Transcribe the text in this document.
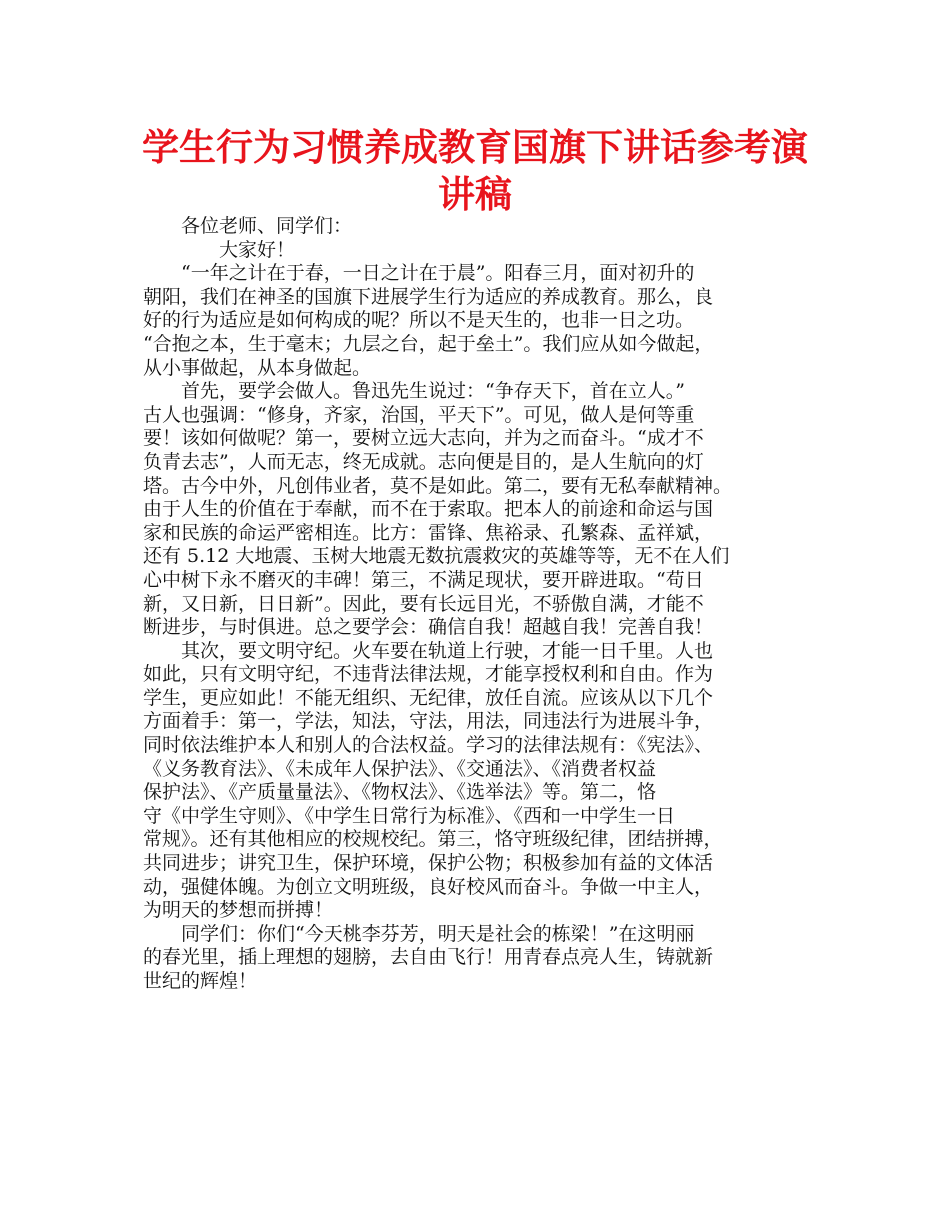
学生行为习惯养成教育国旗下讲话参考演
讲稿
　　各位老师、同学们：
　　　　大家好！
　　“一年之计在于春，一日之计在于晨”。阳春三月，面对初升的
朝阳，我们在神圣的国旗下进展学生行为适应的养成教育。那么，良
好的行为适应是如何构成的呢？所以不是天生的，也非一日之功。
“合抱之本，生于毫末；九层之台，起于垒土”。我们应从如今做起，
从小事做起，从本身做起。
　　首先，要学会做人。鲁迅先生说过：“争存天下，首在立人。”
古人也强调：“修身，齐家，治国，平天下”。可见，做人是何等重
要！该如何做呢？第一，要树立远大志向，并为之而奋斗。“成才不
负青去志”，人而无志，终无成就。志向便是目的，是人生航向的灯
塔。古今中外，凡创伟业者，莫不是如此。第二，要有无私奉献精神。
由于人生的价值在于奉献，而不在于索取。把本人的前途和命运与国
家和民族的命运严密相连。比方：雷锋、焦裕录、孔繁森、孟祥斌，
还有 5.12 大地震、玉树大地震无数抗震救灾的英雄等等，无不在人们
心中树下永不磨灭的丰碑！第三，不满足现状，要开辟进取。“苟日
新，又日新，日日新”。因此，要有长远目光，不骄傲自满，才能不
断进步，与时俱进。总之要学会：确信自我！超越自我！完善自我！
　　其次，要文明守纪。火车要在轨道上行驶，才能一日千里。人也
如此，只有文明守纪，不违背法律法规，才能享授权利和自由。作为
学生，更应如此！不能无组织、无纪律，放任自流。应该从以下几个
方面着手：第一，学法，知法，守法，用法，同违法行为进展斗争，
同时依法维护本人和别人的合法权益。学习的法律法规有：《宪法》、
《义务教育法》、《未成年人保护法》、《交通法》、《消费者权益
保护法》、《产质量量法》、《物权法》、《选举法》等。第二，恪
守《中学生守则》、《中学生日常行为标准》、《西和一中学生一日
常规》。还有其他相应的校规校纪。第三，恪守班级纪律，团结拼搏，
共同进步；讲究卫生，保护环境，保护公物；积极参加有益的文体活
动，强健体魄。为创立文明班级，良好校风而奋斗。争做一中主人，
为明天的梦想而拼搏！
　　同学们：你们“今天桃李芬芳，明天是社会的栋梁！”在这明丽
的春光里，插上理想的翅膀，去自由飞行！用青春点亮人生，铸就新
世纪的辉煌！
